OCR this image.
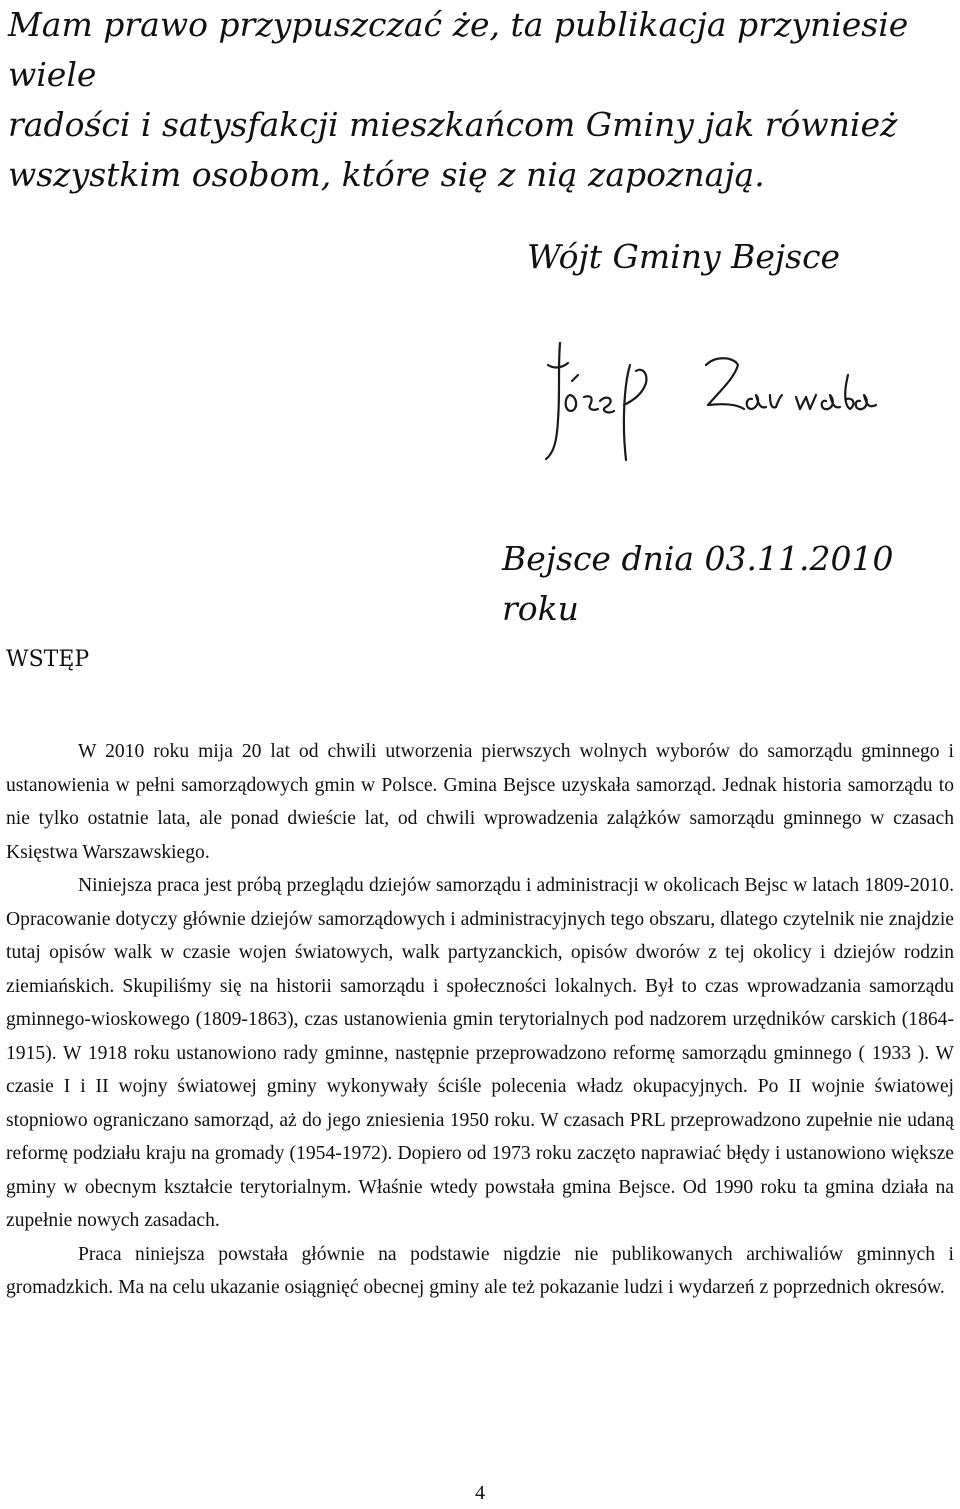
Mam prawo przypuszczać że, ta publikacja przyniesie wiele

radości i satysfakcji mieszkańcom Gminy jak również

wszystkim osobom, które się z nią zapoznają.

Wójt Gminy Bejsce
Bejsce dnia 03.11.2010 roku
WSTĘP

W 2010 roku mija 20 lat od chwili utworzenia pierwszych wolnych wyborów do samorządu gminnego i ustanowienia w pełni samorządowych gmin w Polsce. Gmina Bejsce uzyskała samorząd. Jednak historia samorządu to nie tylko ostatnie lata, ale ponad dwieście lat, od chwili wprowadzenia zalążków samorządu gminnego w czasach Księstwa Warszawskiego.

Niniejsza praca jest próbą przeglądu dziejów samorządu i administracji w okolicach Bejsc w latach 1809-2010. Opracowanie dotyczy głównie dziejów samorządowych i administracyjnych tego obszaru, dlatego czytelnik nie znajdzie tutaj opisów walk w czasie wojen światowych, walk partyzanckich, opisów dworów z tej okolicy i dziejów rodzin ziemiańskich. Skupiliśmy się na historii samorządu i społeczności lokalnych. Był to czas wprowadzania samorządu gminnego-wioskowego (1809-1863), czas ustanowienia gmin terytorialnych pod nadzorem urzędników carskich (1864-1915). W 1918 roku ustanowiono rady gminne, następnie przeprowadzono reformę samorządu gminnego ( 1933 ). W czasie I i II wojny światowej gminy wykonywały ściśle polecenia władz okupacyjnych. Po II wojnie światowej stopniowo ograniczano samorząd, aż do jego zniesienia 1950 roku. W czasach PRL przeprowadzono zupełnie nie udaną reformę podziału kraju na gromady (1954-1972). Dopiero od 1973 roku zaczęto naprawiać błędy i ustanowiono większe gminy w obecnym kształcie terytorialnym. Właśnie wtedy powstała gmina Bejsce. Od 1990 roku ta gmina działa na zupełnie nowych zasadach.

Praca niniejsza powstała głównie na podstawie nigdzie nie publikowanych archiwaliów gminnych i gromadzkich. Ma na celu ukazanie osiągnięć obecnej gminy ale też pokazanie ludzi i wydarzeń z poprzednich okresów.

4
